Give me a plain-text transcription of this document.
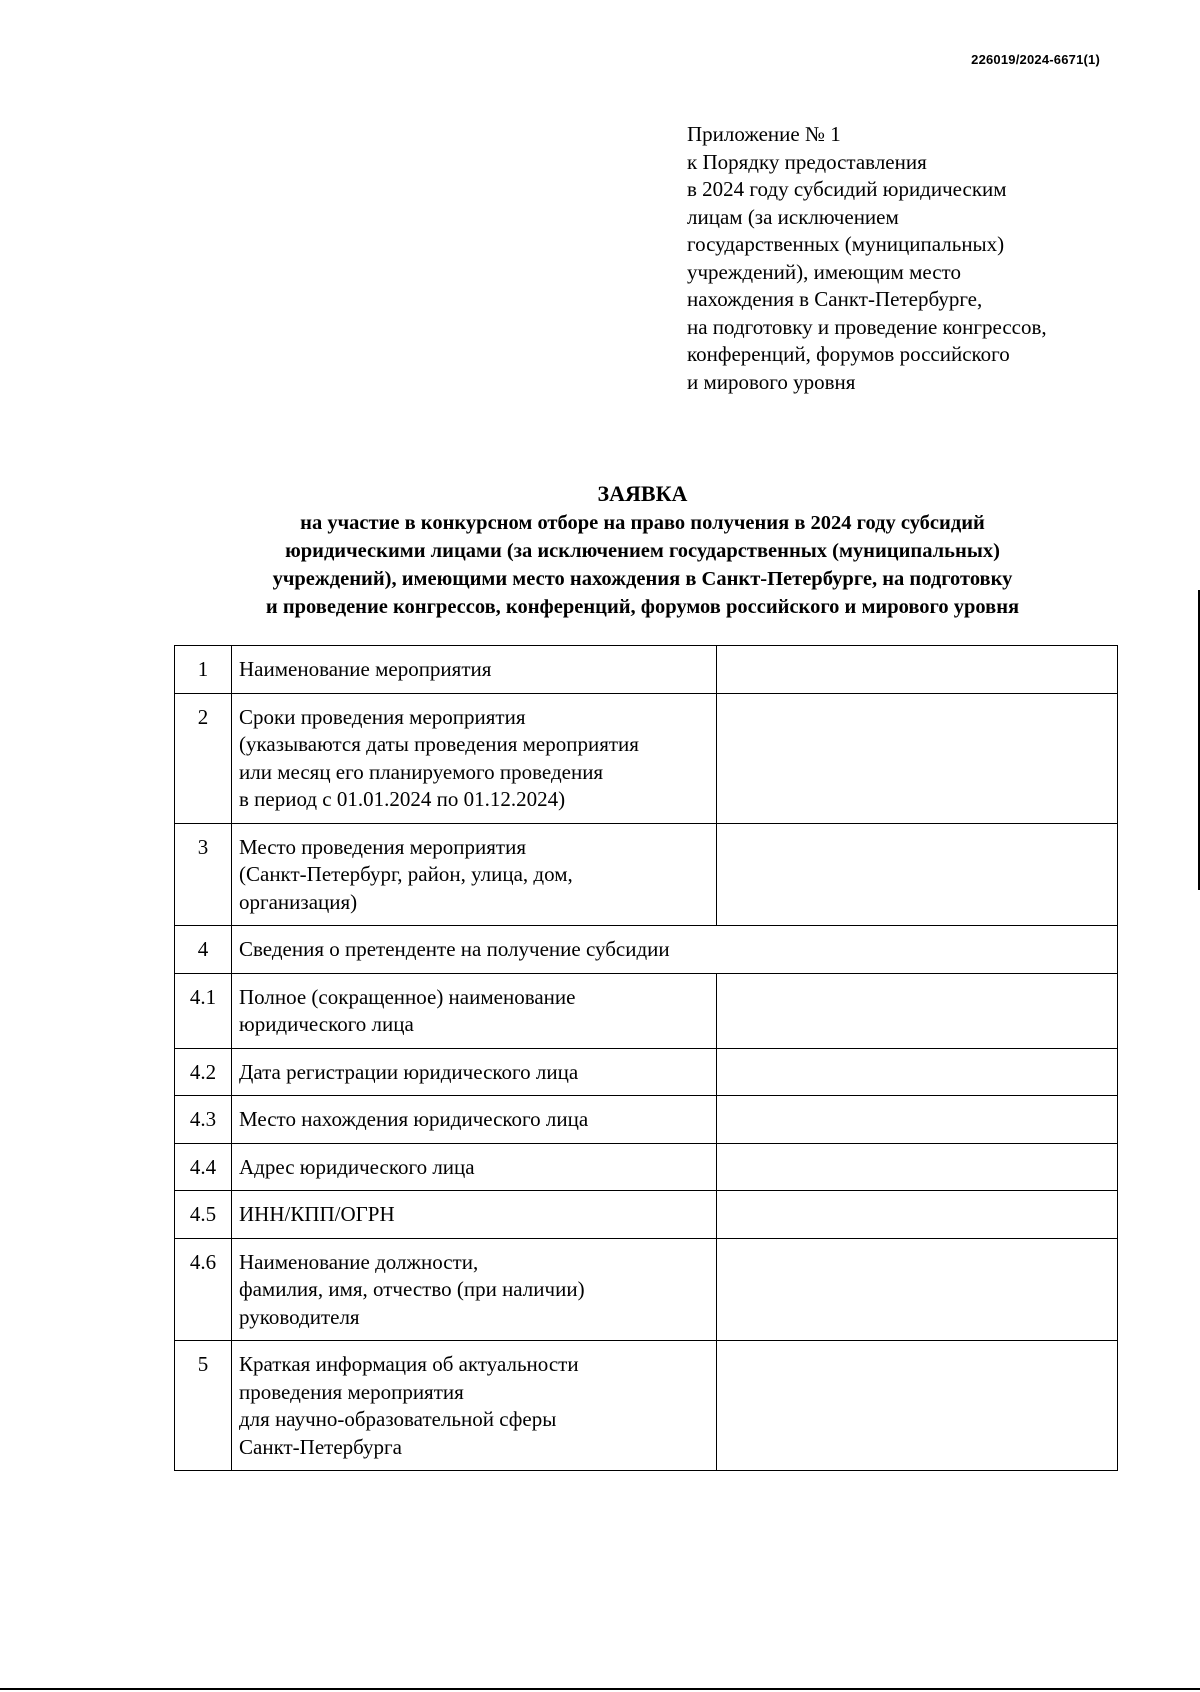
226019/2024-6671(1)
Приложение № 1
к Порядку предоставления
в 2024 году субсидий юридическим
лицам (за исключением
государственных (муниципальных)
учреждений), имеющим место
нахождения в Санкт-Петербурге,
на подготовку и проведение конгрессов,
конференций, форумов российского
и мирового уровня
ЗАЯВКА
на участие в конкурсном отборе на право получения в 2024 году субсидий
юридическими лицами (за исключением государственных (муниципальных)
учреждений), имеющими место нахождения в Санкт-Петербурге, на подготовку
и проведение конгрессов, конференций, форумов российского и мирового уровня
1	Наименование мероприятия	

2	Сроки проведения мероприятия
(указываются даты проведения мероприятия
или месяц его планируемого проведения
в период с 01.01.2024 по 01.12.2024)	

3	Место проведения мероприятия
(Санкт-Петербург, район, улица, дом,
организация)	

4	Сведения о претенденте на получение субсидии	

4.1	Полное (сокращенное) наименование
юридического лица	

4.2	Дата регистрации юридического лица	

4.3	Место нахождения юридического лица	

4.4	Адрес юридического лица	

4.5	ИНН/КПП/ОГРН	

4.6	Наименование должности,
фамилия, имя, отчество (при наличии)
руководителя	

5	Краткая информация об актуальности
проведения мероприятия
для научно-образовательной сферы
Санкт-Петербурга	
